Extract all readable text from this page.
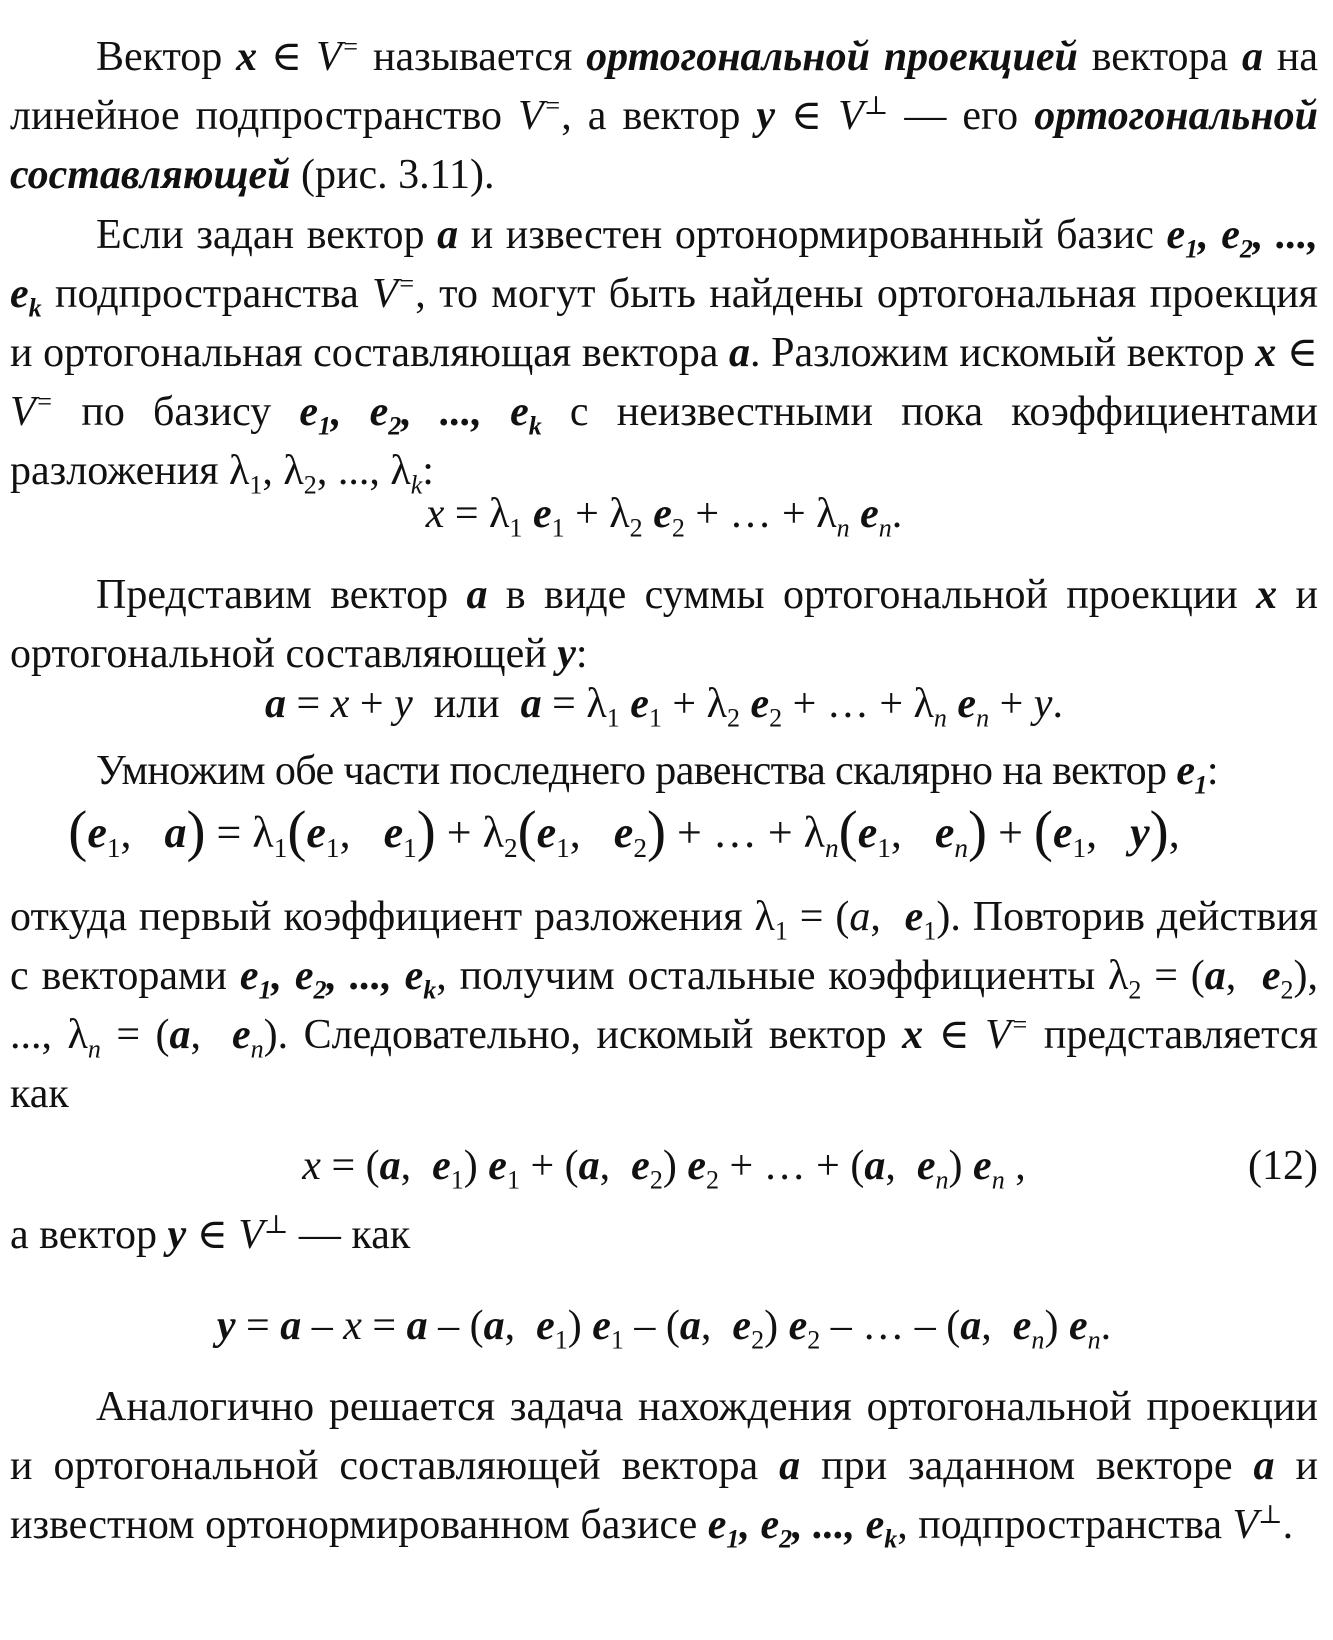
Вектор x ∈ V= называется ортогональной проекцией вектора a на линейное подпространство V=, а вектор y ∈ V⊥ — его ортогональной составляющей (рис. 3.11).

Если задан вектор a и известен ортонормированный базис $e_1$, $e_2$, ..., $e_k$ подпространства V=, то могут быть найдены ортогональная проекция и ортогональная составляющая вектора a. Разложим искомый вектор x ∈ V= по базису $e_1$, $e_2$, ..., $e_k$ с неизвестными пока коэффициентами разложения $\lambda_1$, $\lambda_2$, ..., $\lambda_k$:

$x = \lambda_1$ $e_1 + \lambda_2$ $e_2$ + … + $\lambda_n$ $e_n$.

Представим вектор a в виде суммы ортогональной проекции x и ортогональной составляющей y:

a = x + y или $a = \lambda_1$ $e_1 + \lambda_2$ $e_2$ + … + $\lambda_n$ $e_n + y$.

Умножим обе части последнего равенства скалярно на вектор $e_1$:

($e_1$,   $a) = \lambda_1(e_1$,   $e_1) + \lambda_2(e_1$,   $e_2$) + … + $\lambda_n(e_1$,   $e_n) + (e_1$,   y),

откуда первый коэффициент разложения $\lambda_1 = (a$,  $e_1$). Повторив действия с векторами $e_1$, $e_2$, ..., $e_k$, получим остальные коэффициенты $\lambda_2 = (a$,  $e_2$), ..., $\lambda_n = (a$,  $e_n$). Следовательно, искомый вектор x ∈ V= представляется как

x = (a,  $e_1$) $e_1 + (a$,  $e_2$) $e_2$ + … + (a,  $e_n$) $e_n$ ,	(12)

а вектор y ∈ V⊥ — как

y = a – x = a – (a,  $e_1$) $e_1 - (a$,  $e_2$) $e_2$ – … – (a,  $e_n$) $e_n$.

Аналогично решается задача нахождения ортогональной проекции и ортогональной составляющей вектора a при заданном векторе a и известном ортонормированном базисе $e_1$, $e_2$, ..., $e_k$, подпространства V⊥.
